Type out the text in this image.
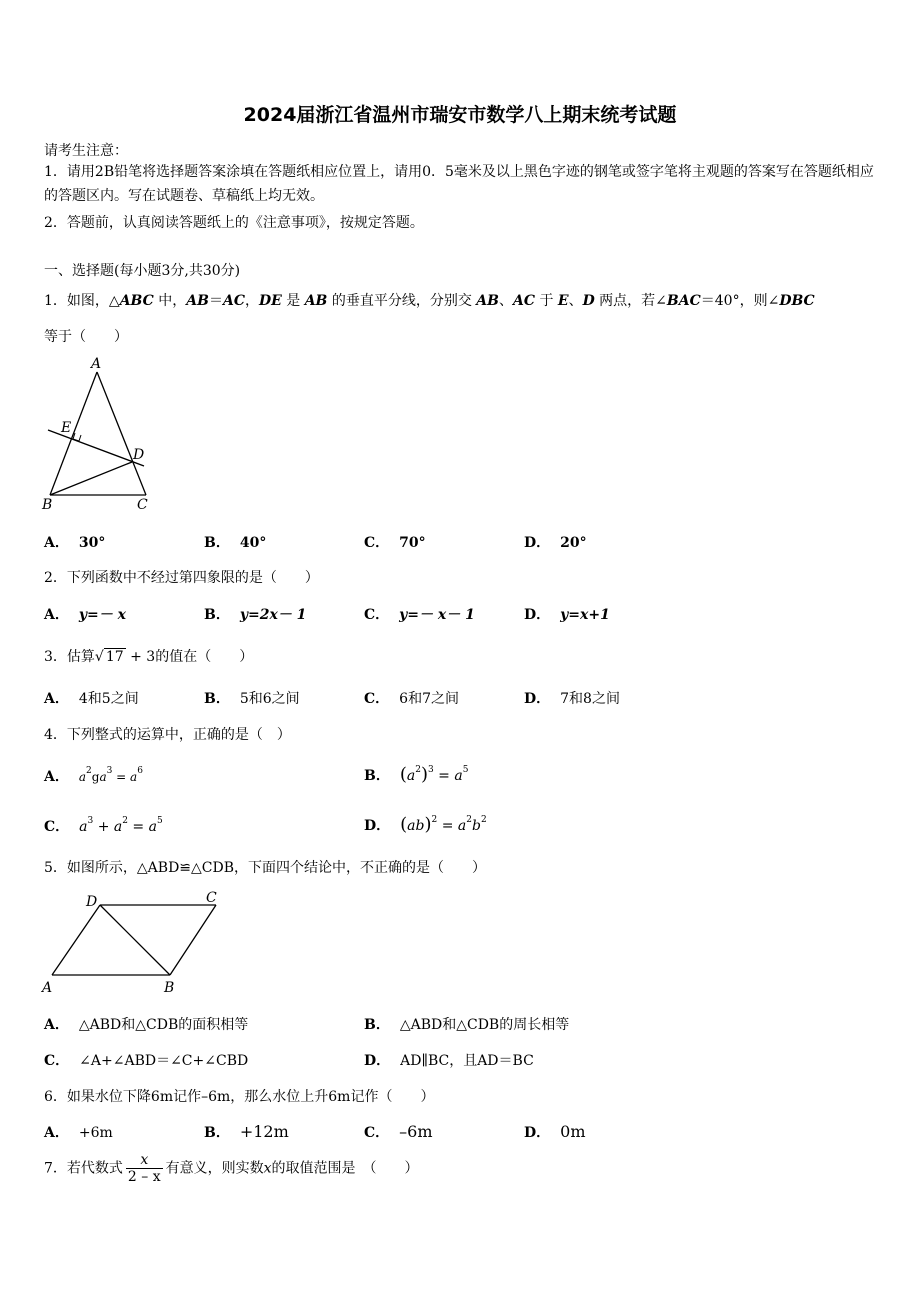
2024届浙江省温州市瑞安市数学八上期末统考试题
请考生注意：
1．请用2B铅笔将选择题答案涂填在答题纸相应位置上，请用0．5毫米及以上黑色字迹的钢笔或签字笔将主观题的答案写在答题纸相应的答题区内。写在试题卷、草稿纸上均无效。
2．答题前，认真阅读答题纸上的《注意事项》，按规定答题。
一、选择题(每小题3分,共30分)
1．如图，△ABC 中，AB＝AC，DE 是 AB 的垂直平分线，分别交 AB、AC 于 E、D 两点，若∠BAC＝40°，则∠DBC
等于（　　）
A
B	C
D
E
A． 30°	B． 40°	C． 70°	D． 20°
2．下列函数中不经过第四象限的是（　　）
A． y=－ x	B． y=2x－ 1	C． y=－ x－ 1	D． y=x+1
3．估算√ 17 + 3的值在（　　）
A． 4和5之间	B． 5和6之间	C． 6和7之间	D． 7和8之间
4．下列整式的运算中，正确的是（　）
A． $a^2ga^3 = a^6$	B． $(a^2)^3 = a^5$
C． $a^3 + a^2 = a^5$	D． $(ab)^2 = a^2b^2$
5．如图所示，△ABD≌△CDB，下面四个结论中，不正确的是（　　）
D	C
A	B
A． △ABD和△CDB的面积相等	B． △ABD和△CDB的周长相等
C． ∠A+∠ABD＝∠C+∠CBD	D． AD∥BC，且AD＝BC
6．如果水位下降6m记作–6m，那么水位上升6m记作（　　）
A． +6m	B． +12m	C． –6m	D． 0m
7．若代数式 $\frac{x}{2 - x}$ 有意义，则实数x的取值范围是　（　　）
